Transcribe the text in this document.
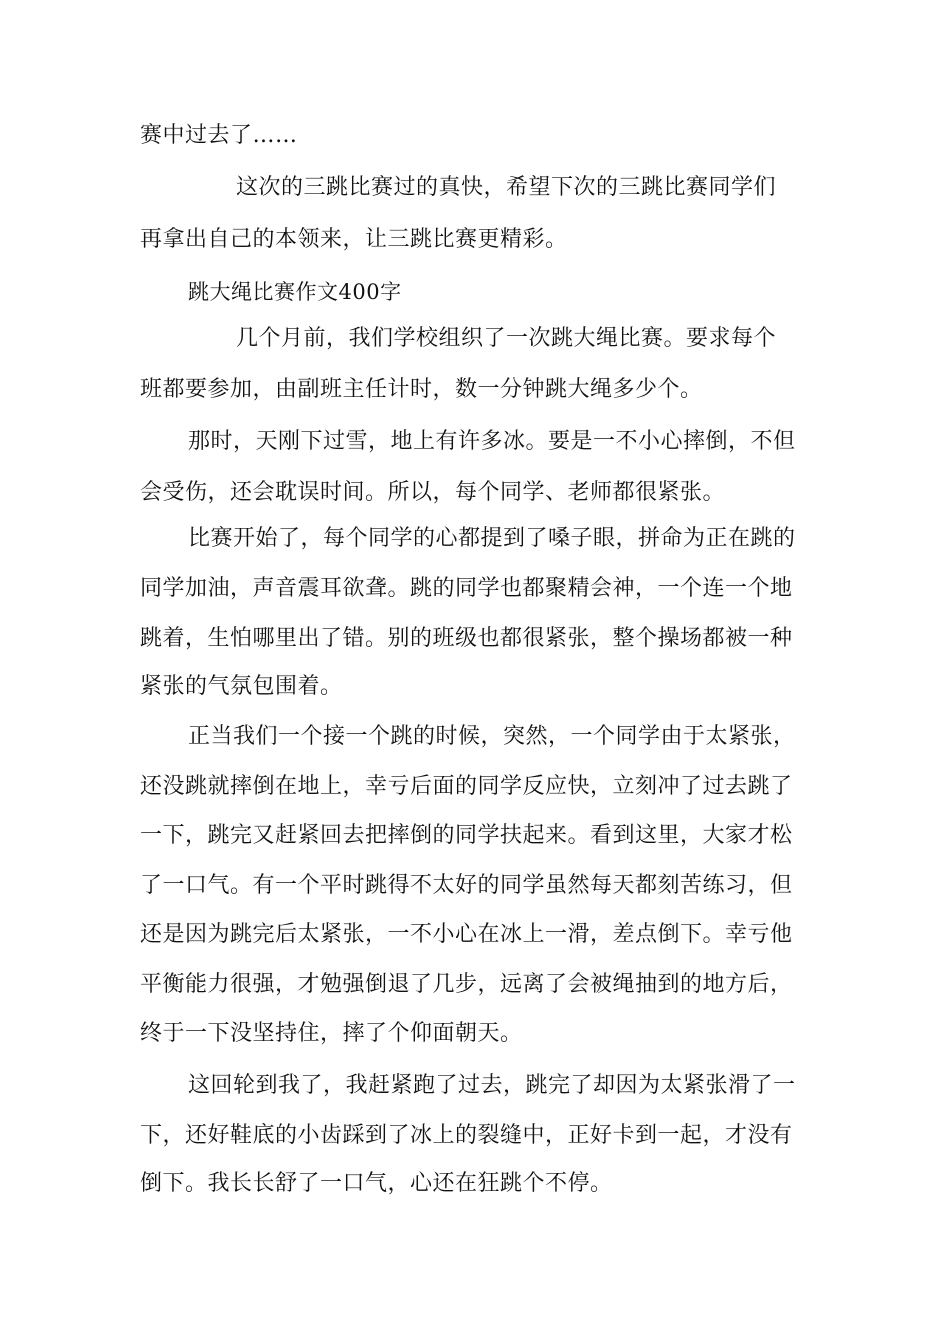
赛中过去了……

这次的三跳比赛过的真快，希望下次的三跳比赛同学们

再拿出自己的本领来，让三跳比赛更精彩。

跳大绳比赛作文400字

几个月前，我们学校组织了一次跳大绳比赛。要求每个

班都要参加，由副班主任计时，数一分钟跳大绳多少个。

那时，天刚下过雪，地上有许多冰。要是一不小心摔倒，不但

会受伤，还会耽误时间。所以，每个同学、老师都很紧张。

比赛开始了，每个同学的心都提到了嗓子眼，拼命为正在跳的

同学加油，声音震耳欲聋。跳的同学也都聚精会神，一个连一个地

跳着，生怕哪里出了错。别的班级也都很紧张，整个操场都被一种

紧张的气氛包围着。

正当我们一个接一个跳的时候，突然，一个同学由于太紧张，

还没跳就摔倒在地上，幸亏后面的同学反应快，立刻冲了过去跳了

一下，跳完又赶紧回去把摔倒的同学扶起来。看到这里，大家才松

了一口气。有一个平时跳得不太好的同学虽然每天都刻苦练习，但

还是因为跳完后太紧张，一不小心在冰上一滑，差点倒下。幸亏他

平衡能力很强，才勉强倒退了几步，远离了会被绳抽到的地方后，

终于一下没坚持住，摔了个仰面朝天。

这回轮到我了，我赶紧跑了过去，跳完了却因为太紧张滑了一

下，还好鞋底的小齿踩到了冰上的裂缝中，正好卡到一起，才没有

倒下。我长长舒了一口气，心还在狂跳个不停。
